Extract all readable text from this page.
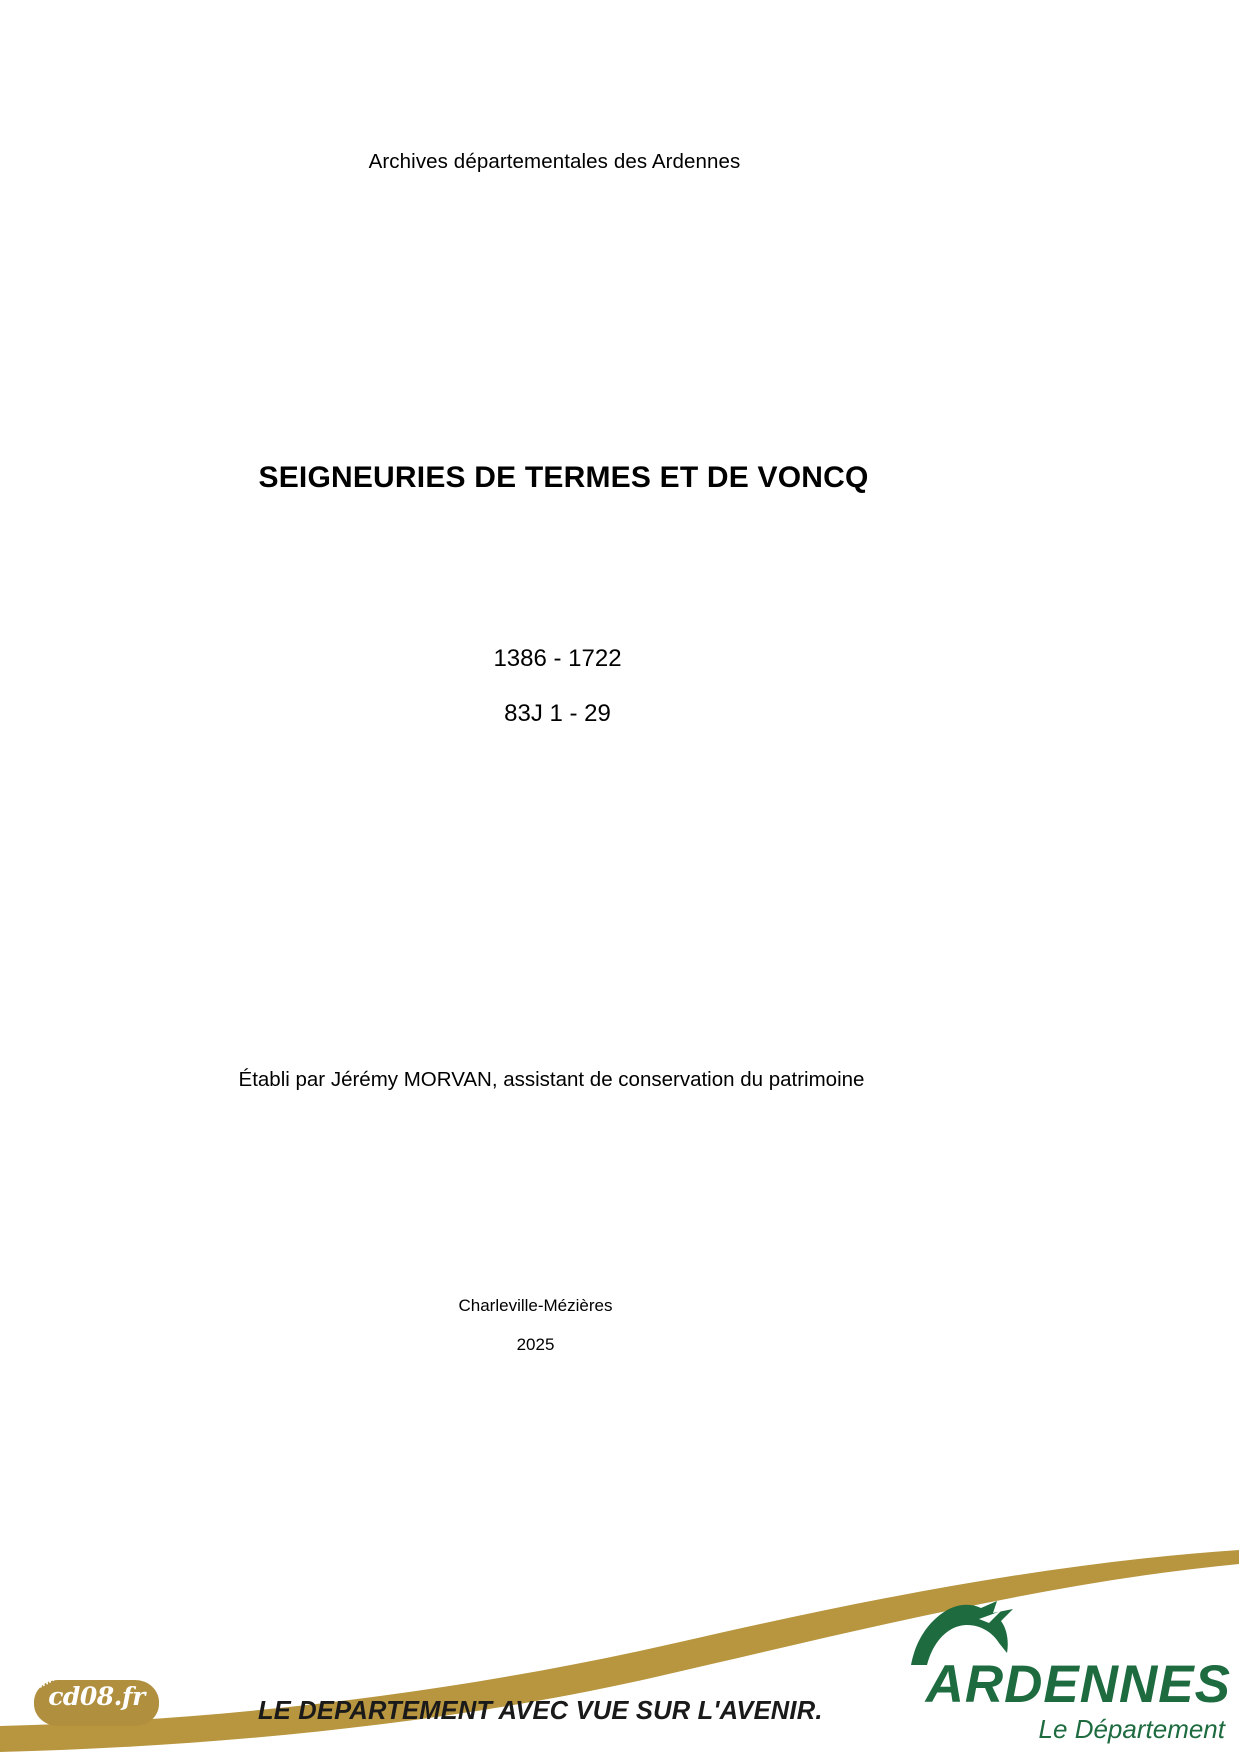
Archives départementales des Ardennes
SEIGNEURIES DE TERMES ET DE VONCQ
1386 - 1722
83J 1 - 29
Établi par Jérémy MORVAN, assistant de conservation du patrimoine
Charleville-Mézières
2025
cd08.fr
www
LE DEPARTEMENT AVEC VUE SUR L'AVENIR.	ARDENNES
Le Département
